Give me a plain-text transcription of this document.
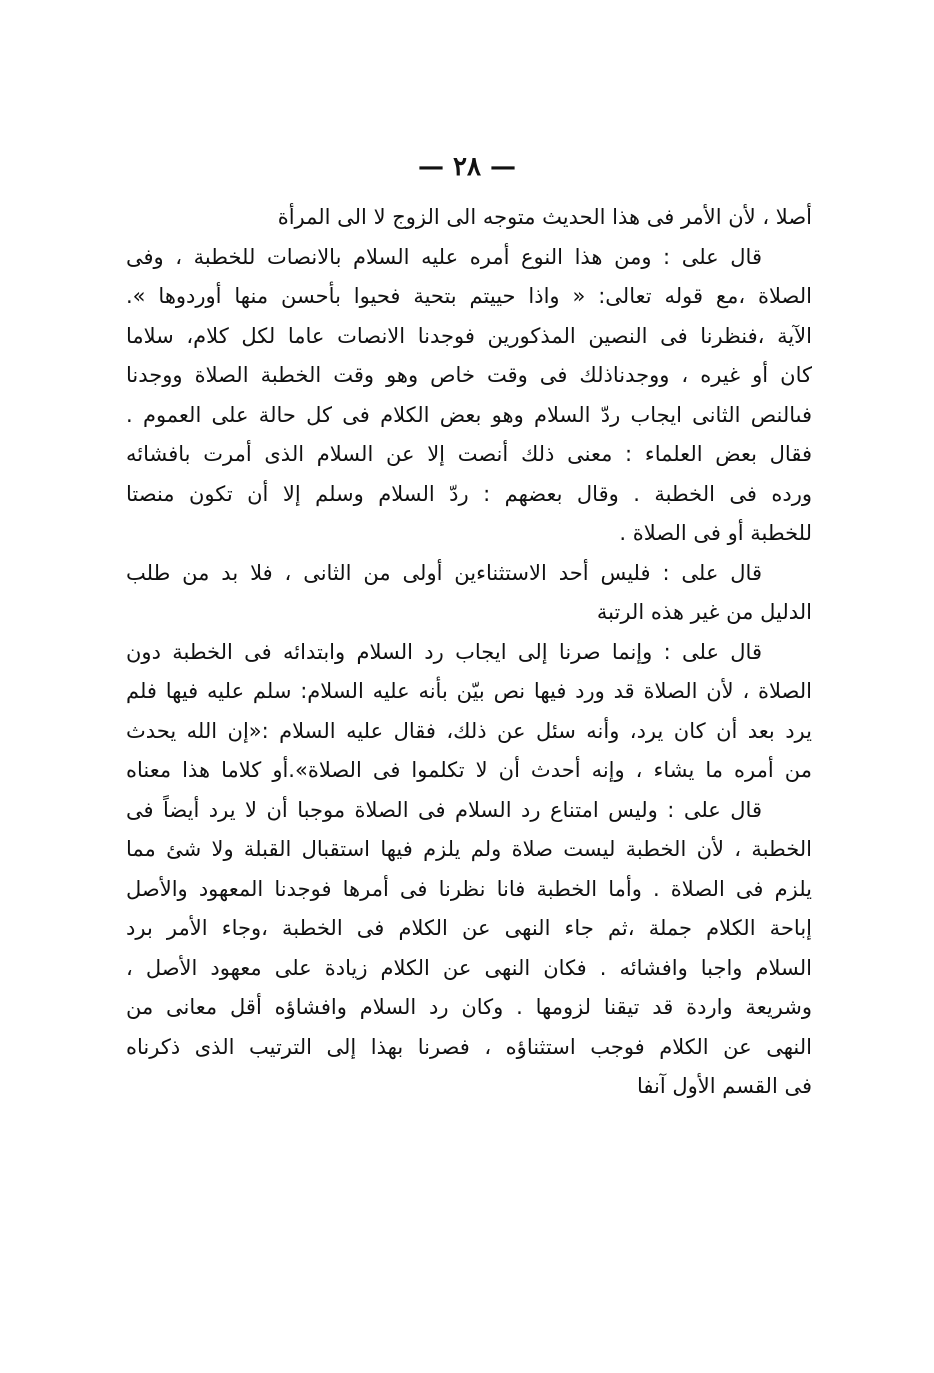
— ٢٨ —
أصلا ، لأن الأمر فى هذا الحديث متوجه الى الزوج لا الى المرأة
قال على : ومن هذا النوع أمره عليه السلام بالانصات للخطبة ، وفى
الصلاة ،مع قوله تعالى: « واذا حييتم بتحية فحيوا بأحسن منها أوردوها ».
الآية ،فنظرنا فى النصين المذكورين فوجدنا الانصات عاما لكل كلام، سلاما
كان أو غيره ، ووجدناذلك فى وقت خاص وهو وقت الخطبة الصلاة ووجدنا
فىالنص الثانى ايجاب ردّ السلام وهو بعض الكلام فى كل حالة على العموم .
فقال بعض العلماء : معنى ذلك أنصت إلا عن السلام الذى أمرت بافشائه
ورده فى الخطبة . وقال بعضهم : ردّ السلام وسلم إلا أن تكون منصتا
للخطبة أو فى الصلاة .
قال على : فليس أحد الاستثناءين أولى من الثانى ، فلا بد من طلب
الدليل من غير هذه الرتبة
قال على : وإنما صرنا إلى ايجاب رد السلام وابتدائه فى الخطبة دون
الصلاة ، لأن الصلاة قد ورد فيها نص بيّن بأنه عليه السلام: سلم عليه فيها فلم
يرد بعد أن كان يرد، وأنه سئل عن ذلك، فقال عليه السلام :«إن الله يحدث
من أمره ما يشاء ، وإنه أحدث أن لا تكلموا فى الصلاة».أو كلاما هذا معناه
قال على : وليس امتناع رد السلام فى الصلاة موجبا أن لا يرد أيضاً فى
الخطبة ، لأن الخطبة ليست صلاة ولم يلزم فيها استقبال القبلة ولا شئ مما
يلزم فى الصلاة . وأما الخطبة فانا نظرنا فى أمرها فوجدنا المعهود والأصل
إباحة الكلام جملة ،ثم جاء النهى عن الكلام فى الخطبة ،وجاء الأمر برد
السلام واجبا وافشائه . فكان النهى عن الكلام زيادة على معهود الأصل ،
وشريعة واردة قد تيقنا لزومها . وكان رد السلام وافشاؤه أقل معانى من
النهى عن الكلام فوجب استثناؤه ، فصرنا بهذا إلى الترتيب الذى ذكرناه
فى القسم الأول آنفا
